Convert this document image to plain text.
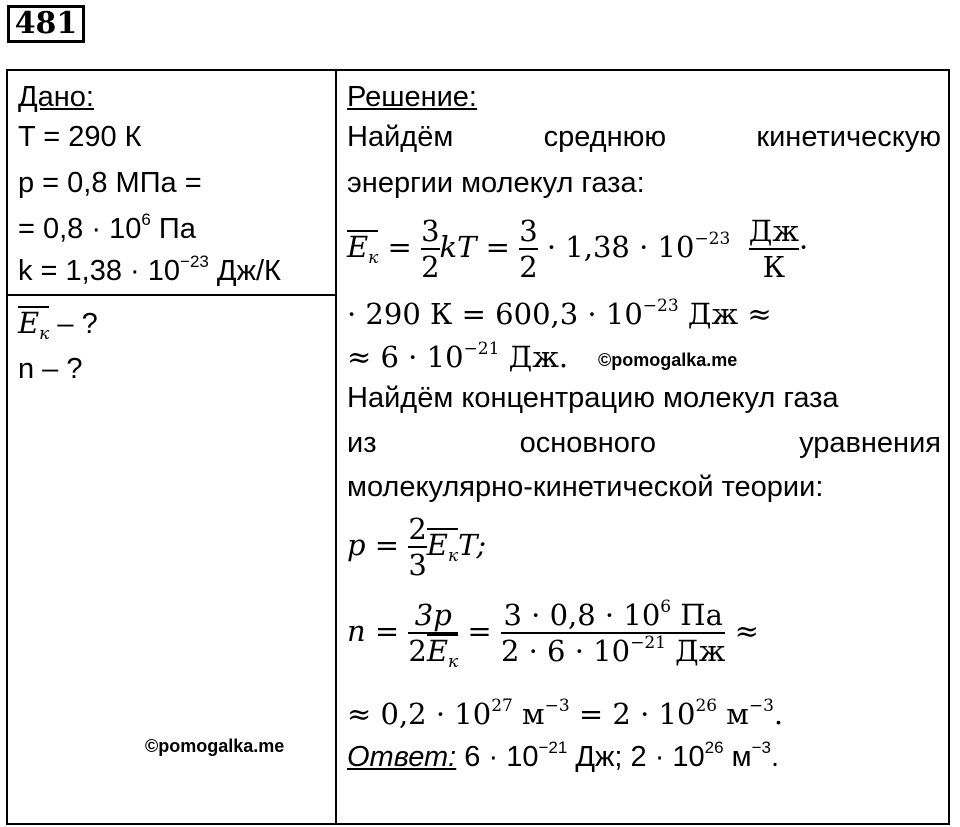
481
Дано:
T = 290 К
p = 0,8 МПа =
= $0,8 \cdot 10^6$ Па
$k = 1,38 \cdot 10^{-23}$ Дж/К
$E_к$ – ?
n – ?
©pomogalka.me
Решение:
Найдём	среднюю	кинетическую
энергии молекул газа:
$E_к = \frac{3}{2}$ kT = $\frac{3}{2} \cdot 1,38 \cdot 10^{-23} \frac{Дж}{К}$ ·
· 290 $К = 600,3 \cdot 10^{-23}$ Дж ≈
≈ $6 \cdot 10^{-21}$ Дж. ©pomogalka.me
Найдём концентрацию молекул газа
из	основного	уравнения
молекулярно-кинетической теории:
$p = \frac{2}{3} E_кT$;
$n = \frac{3p}{2E_к} = \frac{3 \cdot 0,8 \cdot 10^6 Па}{2 \cdot 6 \cdot 10^{-21} Дж}$ ≈
≈ $0,2 \cdot 10^{27}$ $м^{-3} = 2 \cdot 10^{26}$ $м^{-3}$.
Ответ: $6 \cdot 10^{-21}$ Дж; $2 \cdot 10^{26}$ $м^{-3}$.
